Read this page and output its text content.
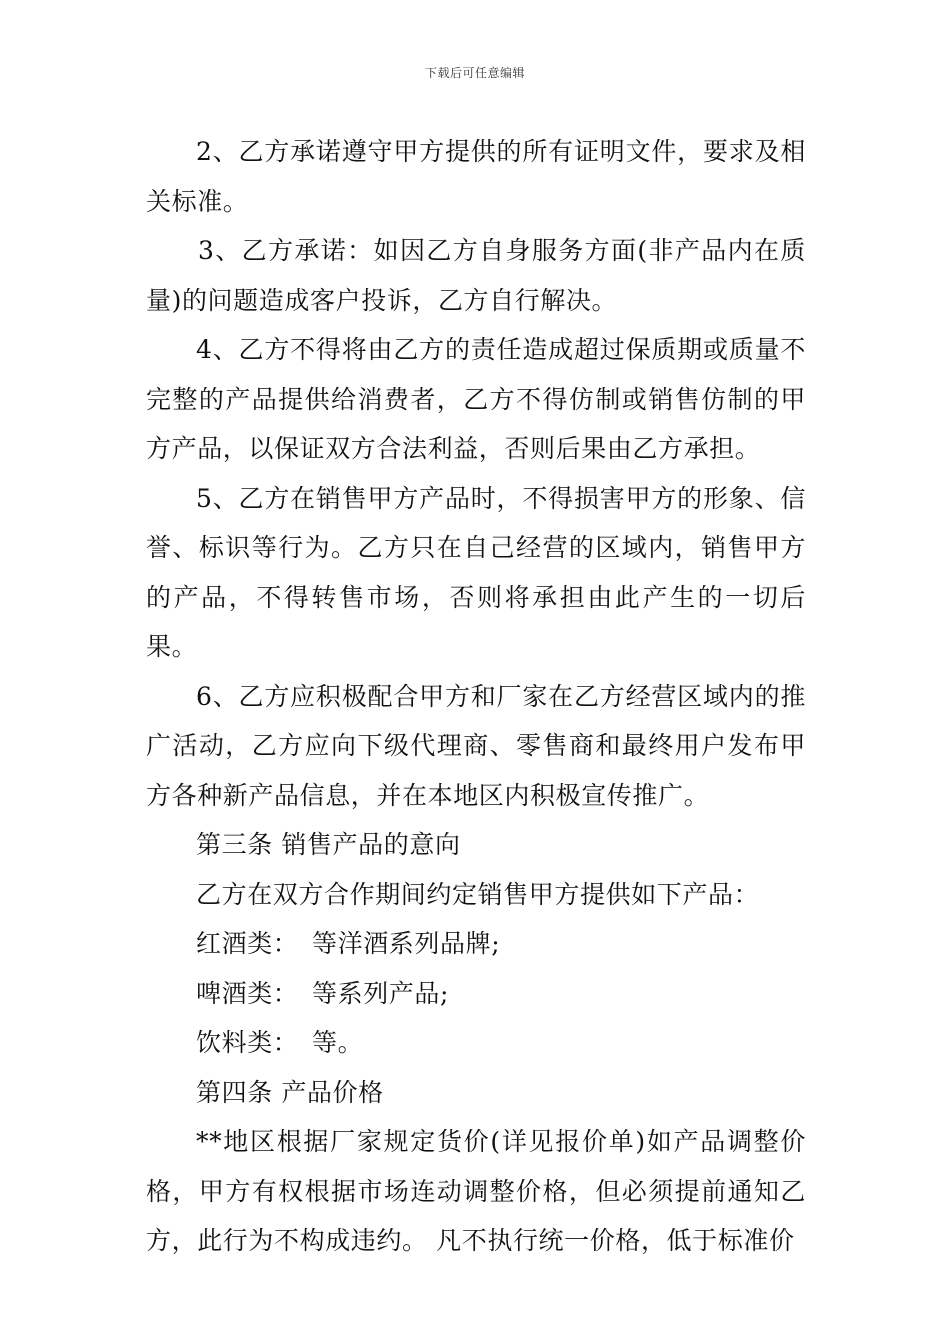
下载后可任意编辑

2、乙方承诺遵守甲方提供的所有证明文件，要求及相关标准。

3、乙方承诺：如因乙方自身服务方面(非产品内在质量)的问题造成客户投诉，乙方自行解决。

4、乙方不得将由乙方的责任造成超过保质期或质量不完整的产品提供给消费者，乙方不得仿制或销售仿制的甲方产品，以保证双方合法利益，否则后果由乙方承担。

5、乙方在销售甲方产品时，不得损害甲方的形象、信誉、标识等行为。乙方只在自己经营的区域内，销售甲方的产品，不得转售市场，否则将承担由此产生的一切后果。

6、乙方应积极配合甲方和厂家在乙方经营区域内的推广活动，乙方应向下级代理商、零售商和最终用户发布甲方各种新产品信息，并在本地区内积极宣传推广。

第三条 销售产品的意向

乙方在双方合作期间约定销售甲方提供如下产品：

红酒类： 等洋酒系列品牌;

啤酒类： 等系列产品;

饮料类： 等。

第四条 产品价格

**地区根据厂家规定货价(详见报价单)如产品调整价格，甲方有权根据市场连动调整价格，但必须提前通知乙方，此行为不构成违约。 凡不执行统一价格，低于标准价
